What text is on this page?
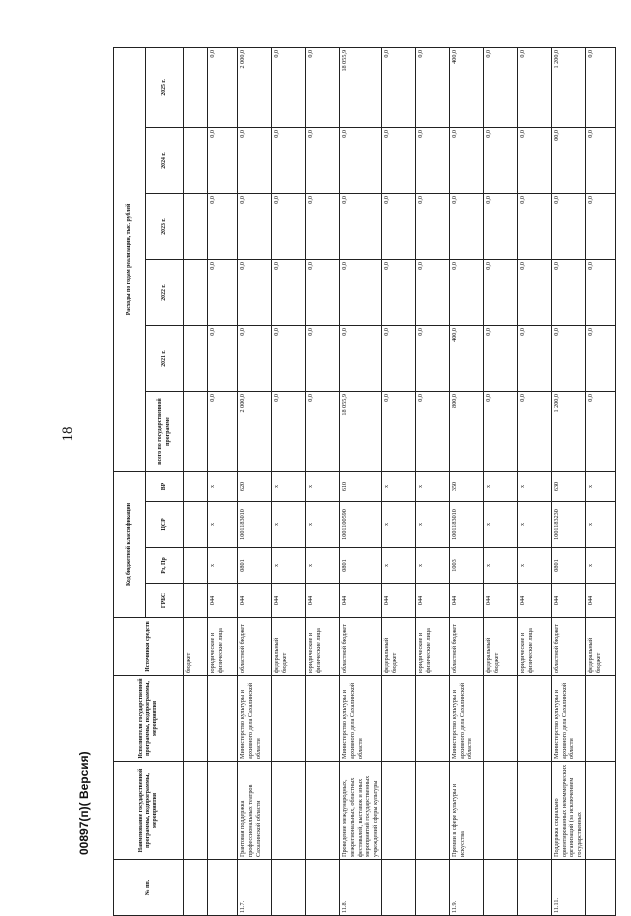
18
№ пп.	Наименование государственной программы, подпрограммы, мероприятия	Исполнители государственной программы, подпрограммы, мероприятия	Источники средств	Код бюджетной классификации				Расходы по годам реализации, тыс. рублей					
				ГРБС	Рз, Пр	ЦСР	ВР	всего по государственной программе	2021 г.	2022 г.	2023 г.	2024 г.	2025 г.
			бюджет										
			юридические и физические лица	044	х	х	х	0,0	0,0	0,0	0,0	0,0	0,0
11.7.	Грантовая поддержка профессиональных театров Сахалинской области	Министерство культуры и архивного дела Сахалинской области	областной бюджет	044	0801	1001183010	620	2 000,0	0,0	0,0	0,0	0,0	2 000,0
			федеральный бюджет	044	х	х	х	0,0	0,0	0,0	0,0	0,0	0,0
			юридические и физические лица	044	х	х	х	0,0	0,0	0,0	0,0	0,0	0,0
11.8.	Проведение международных, межрегиональных, областных фестивалей, выставок и иных мероприятий государственных учреждений сферы культуры	Министерство культуры и архивного дела Сахалинской области	областной бюджет	044	0801	1001100590	610	18 055,9	0,0	0,0	0,0	0,0	18 055,9
			федеральный бюджет	044	х	х	х	0,0	0,0	0,0	0,0	0,0	0,0
			юридические и физические лица	044	х	х	х	0,0	0,0	0,0	0,0	0,0	0,0
11.9.	Премии в сфере культуры и искусства	Министерство культуры и архивного дела Сахалинской области	областной бюджет	044	1003	1001183010	350	800,0	400,0	0,0	0,0	0,0	400,0
			федеральный бюджет	044	х	х	х	0,0	0,0	0,0	0,0	0,0	0,0
			юридические и физические лица	044	х	х	х	0,0	0,0	0,0	0,0	0,0	0,0
11.11.	Поддержка социально ориентированных некоммерческих организаций (за исключением государственных	Министерство культуры и архивного дела Сахалинской области	областной бюджет	044	0801	1001183230	630	1 200,0	0,0	0,0	0,0	00,0	1 200,0
			федеральный бюджет	044	х	х	х	0,0	0,0	0,0	0,0	0,0	0,0
00897(п)( Версия)
